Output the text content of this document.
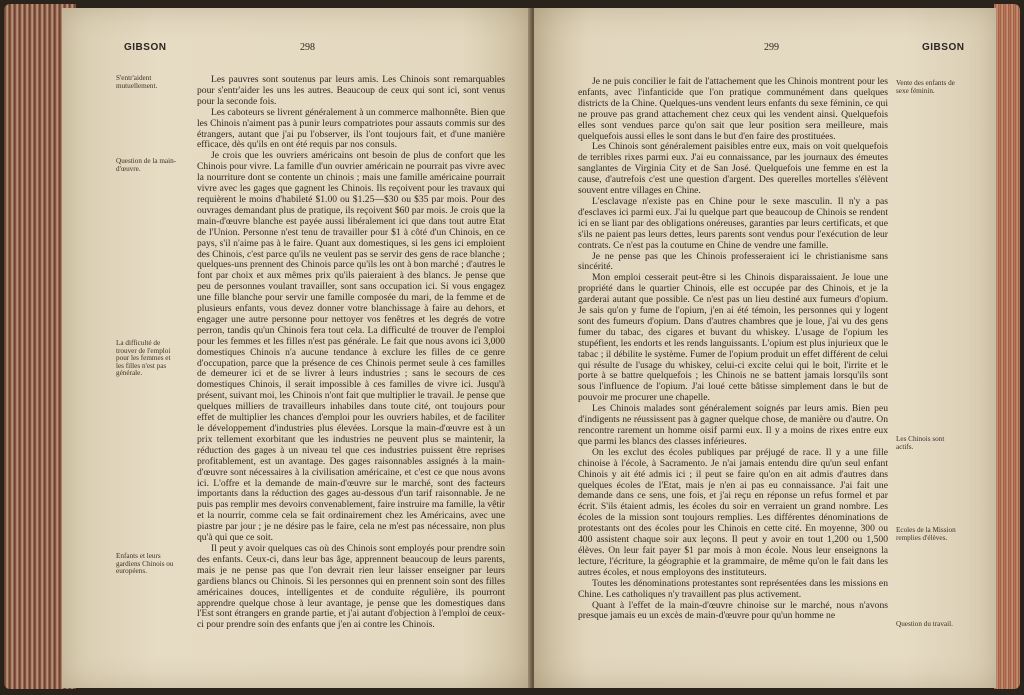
GIBSON	298
S'entr'aident mutuellement.
Question de la main-d'œuvre.
La difficulté de trouver de l'emploi pour les femmes et les filles n'est pas générale.
Enfants et leurs gardiens Chinois ou européens.

Les pauvres sont soutenus par leurs amis. Les Chinois sont remarquables pour s'entr'aider les uns les autres. Beaucoup de ceux qui sont ici, sont venus pour la seconde fois.

Les caboteurs se livrent généralement à un commerce malhonnête. Bien que les Chinois n'aiment pas à punir leurs compatriotes pour assauts commis sur des étrangers, autant que j'ai pu l'observer, ils l'ont toujours fait, et d'une manière efficace, dès qu'ils en ont été requis par nos consuls.

Je crois que les ouvriers américains ont besoin de plus de confort que les Chinois pour vivre. La famille d'un ouvrier américain ne pourrait pas vivre avec la nourriture dont se contente un chinois ; mais une famille américaine pourrait vivre avec les gages que gagnent les Chinois. Ils reçoivent pour les travaux qui requièrent le moins d'habileté $1.00 ou $1.25—$30 ou $35 par mois. Pour des ouvrages demandant plus de pratique, ils reçoivent $60 par mois. Je crois que la main-d'œuvre blanche est payée aussi libéralement ici que dans tout autre Etat de l'Union. Personne n'est tenu de travailler pour $1 à côté d'un Chinois, en ce pays, s'il n'aime pas à le faire. Quant aux domestiques, si les gens ici emploient des Chinois, c'est parce qu'ils ne veulent pas se servir des gens de race blanche ; quelques-uns prennent des Chinois parce qu'ils les ont à bon marché ; d'autres le font par choix et aux mêmes prix qu'ils paieraient à des blancs. Je pense que peu de personnes voulant travailler, sont sans occupation ici. Si vous engagez une fille blanche pour servir une famille composée du mari, de la femme et de plusieurs enfants, vous devez donner votre blanchissage à faire au dehors, et engager une autre personne pour nettoyer vos fenêtres et les degrés de votre perron, tandis qu'un Chinois fera tout cela. La difficulté de trouver de l'emploi pour les femmes et les filles n'est pas générale. Le fait que nous avons ici 3,000 domestiques Chinois n'a aucune tendance à exclure les filles de ce genre d'occupation, parce que la présence de ces Chinois permet seule à ces familles de demeurer ici et de se livrer à leurs industries ; sans le secours de ces domestiques Chinois, il serait impossible à ces familles de vivre ici. Jusqu'à présent, suivant moi, les Chinois n'ont fait que multiplier le travail. Je pense que quelques milliers de travailleurs inhabiles dans toute cité, ont toujours pour effet de multiplier les chances d'emploi pour les ouvriers habiles, et de faciliter le développement d'industries plus élevées. Lorsque la main-d'œuvre est à un prix tellement exorbitant que les industries ne peuvent plus se maintenir, la réduction des gages à un niveau tel que ces industries puissent être reprises profitablement, est un avantage. Des gages raisonnables assignés à la main-d'œuvre sont nécessaires à la civilisation américaine, et c'est ce que nous avons ici. L'offre et la demande de main-d'œuvre sur le marché, sont des facteurs importants dans la réduction des gages au-dessous d'un tarif raisonnable. Je ne puis pas remplir mes devoirs convenablement, faire instruire ma famille, la vêtir et la nourrir, comme cela se fait ordinairement chez les Américains, avec une piastre par jour ; je ne désire pas le faire, cela ne m'est pas nécessaire, non plus qu'à qui que ce soit.

Il peut y avoir quelques cas où des Chinois sont employés pour prendre soin des enfants. Ceux-ci, dans leur bas âge, apprennent beaucoup de leurs parents, mais je ne pense pas que l'on devrait rien leur laisser enseigner par leurs gardiens blancs ou Chinois. Si les personnes qui en prennent soin sont des filles américaines douces, intelligentes et de conduite régulière, ils pourront apprendre quelque chose à leur avantage, je pense que les domestiques dans l'Est sont étrangers en grande partie, et j'ai autant d'objection à l'emploi de ceux-ci pour prendre soin des enfants que j'en ai contre les Chinois.

299	GIBSON

Je ne puis concilier le fait de l'attachement que les Chinois montrent pour les enfants, avec l'infanticide que l'on pratique communément dans quelques districts de la Chine. Quelques-uns vendent leurs enfants du sexe féminin, ce qui ne prouve pas grand attachement chez ceux qui les vendent ainsi. Quelquefois elles sont vendues parce qu'on sait que leur position sera meilleure, mais quelquefois aussi elles le sont dans le but d'en faire des prostituées.

Les Chinois sont généralement paisibles entre eux, mais on voit quelquefois de terribles rixes parmi eux. J'ai eu connaissance, par les journaux des émeutes sanglantes de Virginia City et de San José. Quelquefois une femme en est la cause, d'autrefois c'est une question d'argent. Des querelles mortelles s'élèvent souvent entre villages en Chine.

L'esclavage n'existe pas en Chine pour le sexe masculin. Il n'y a pas d'esclaves ici parmi eux. J'ai lu quelque part que beaucoup de Chinois se rendent ici en se liant par des obligations onéreuses, garanties par leurs certificats, et que s'ils ne paient pas leurs dettes, leurs parents sont vendus pour l'exécution de leur contrats. Ce n'est pas la coutume en Chine de vendre une famille.

Je ne pense pas que les Chinois professeraient ici le christianisme sans sincérité.

Mon emploi cesserait peut-être si les Chinois disparaissaient. Je loue une propriété dans le quartier Chinois, elle est occupée par des Chinois, et je la garderai autant que possible. Ce n'est pas un lieu destiné aux fumeurs d'opium. Je sais qu'on y fume de l'opium, j'en ai été témoin, les personnes qui y logent sont des fumeurs d'opium. Dans d'autres chambres que je loue, j'ai vu des gens fumer du tabac, des cigares et buvant du whiskey. L'usage de l'opium les stupéfient, les endorts et les rends languissants. L'opium est plus injurieux que le tabac ; il débilite le système. Fumer de l'opium produit un effet différent de celui qui résulte de l'usage du whiskey, celui-ci excite celui qui le boit, l'irrite et le porte à se battre quelquefois ; les Chinois ne se battent jamais lorsqu'ils sont sous l'influence de l'opium. J'ai loué cette bâtisse simplement dans le but de pouvoir me procurer une chapelle.

Les Chinois malades sont généralement soignés par leurs amis. Bien peu d'indigents ne réussissent pas à gagner quelque chose, de manière ou d'autre. On rencontre rarement un homme oisif parmi eux. Il y a moins de rixes entre eux que parmi les blancs des classes inférieures.

On les exclut des écoles publiques par préjugé de race. Il y a une fille chinoise à l'école, à Sacramento. Je n'ai jamais entendu dire qu'un seul enfant Chinois y ait été admis ici ; il peut se faire qu'on en ait admis d'autres dans quelques écoles de l'Etat, mais je n'en ai pas eu connaissance. J'ai fait une demande dans ce sens, une fois, et j'ai reçu en réponse un refus formel et par écrit. S'ils étaient admis, les écoles du soir en verraient un grand nombre. Les écoles de la mission sont toujours remplies. Les différentes dénominations de protestants ont des écoles pour les Chinois en cette cité. En moyenne, 300 ou 400 assistent chaque soir aux leçons. Il peut y avoir en tout 1,200 ou 1,500 élèves. On leur fait payer $1 par mois à mon école. Nous leur enseignons la lecture, l'écriture, la géographie et la grammaire, de même qu'on le fait dans les autres écoles, et nous employons des instituteurs.

Toutes les dénominations protestantes sont représentées dans les missions en Chine. Les catholiques n'y travaillent pas plus activement.

Quant à l'effet de la main-d'œuvre chinoise sur le marché, nous n'avons presque jamais eu un excès de main-d'œuvre pour qu'un homme ne

Vente des enfants de sexe féminin.
Les Chinois sont actifs.
Ecoles de la Mission remplies d'élèves.
Question du travail.
